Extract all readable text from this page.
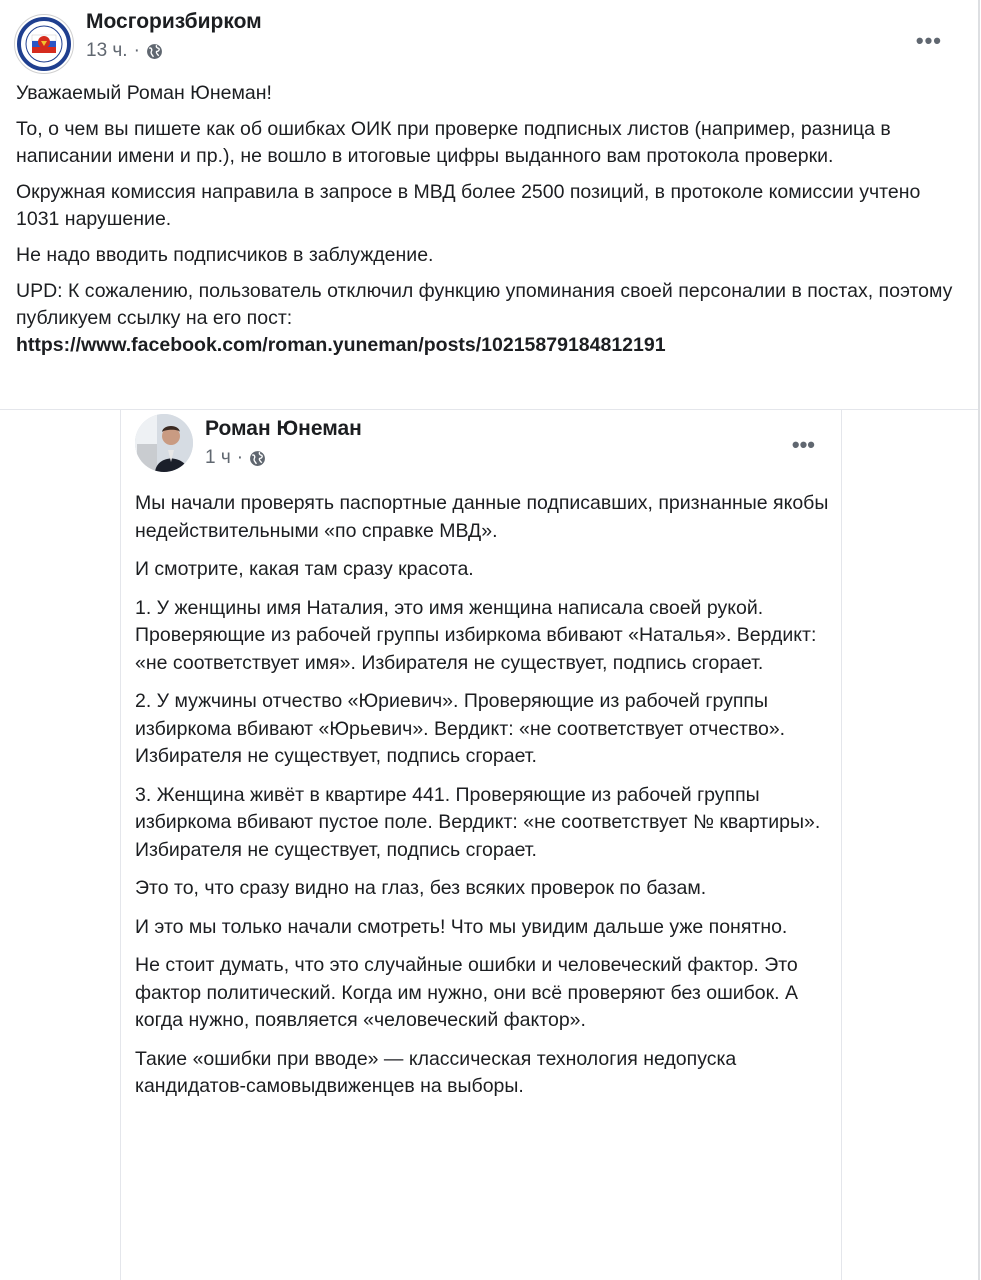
Мосгоризбирком
13 ч. ·	•••

Уважаемый Роман Юнеман!

То, о чем вы пишете как об ошибках ОИК при проверке подписных листов (например, разница в написании имени и пр.), не вошло в итоговые цифры выданного вам протокола проверки.

Окружная комиссия направила в запросе в МВД более 2500 позиций, в протоколе комиссии учтено 1031 нарушение.

Не надо вводить подписчиков в заблуждение.

UPD: К сожалению, пользователь отключил функцию упоминания своей персоналии в постах, поэтому публикуем ссылку на его пост:
https://www.facebook.com/roman.yuneman/posts/10215879184812191

Роман Юнеман
1 ч ·
•••

Мы начали проверять паспортные данные подписавших, признанные якобы недействительными «по справке МВД».

И смотрите, какая там сразу красота.

1. У женщины имя Наталия, это имя женщина написала своей рукой. Проверяющие из рабочей группы избиркома вбивают «Наталья». Вердикт: «не соответствует имя». Избирателя не существует, подпись сгорает.

2. У мужчины отчество «Юриевич». Проверяющие из рабочей группы избиркома вбивают «Юрьевич». Вердикт: «не соответствует отчество». Избирателя не существует, подпись сгорает.

3. Женщина живёт в квартире 441. Проверяющие из рабочей группы избиркома вбивают пустое поле. Вердикт: «не соответствует № квартиры». Избирателя не существует, подпись сгорает.

Это то, что сразу видно на глаз, без всяких проверок по базам.

И это мы только начали смотреть! Что мы увидим дальше уже понятно.

Не стоит думать, что это случайные ошибки и человеческий фактор. Это фактор политический. Когда им нужно, они всё проверяют без ошибок. А когда нужно, появляется «человеческий фактор».

Такие «ошибки при вводе» — классическая технология недопуска кандидатов-самовыдвиженцев на выборы.
